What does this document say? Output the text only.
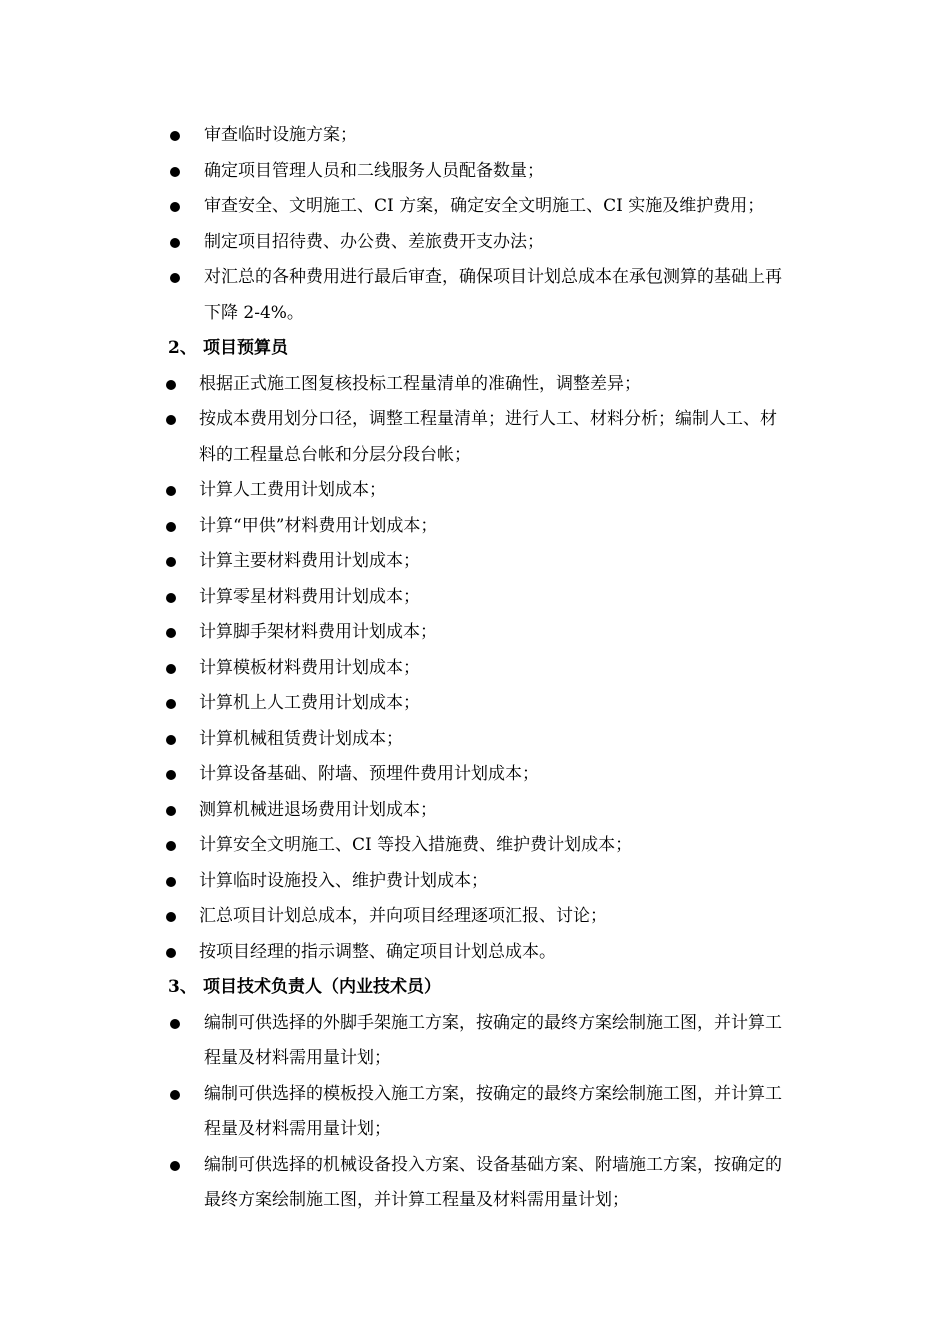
审查临时设施方案；
确定项目管理人员和二线服务人员配备数量；
审查安全、文明施工、CI 方案，确定安全文明施工、CI 实施及维护费用；
制定项目招待费、办公费、差旅费开支办法；
对汇总的各种费用进行最后审查，确保项目计划总成本在承包测算的基础上再
下降 2-4%。
2、 项目预算员
根据正式施工图复核投标工程量清单的准确性，调整差异；
按成本费用划分口径，调整工程量清单；进行人工、材料分析；编制人工、材
料的工程量总台帐和分层分段台帐；
计算人工费用计划成本；
计算“甲供”材料费用计划成本；
计算主要材料费用计划成本；
计算零星材料费用计划成本；
计算脚手架材料费用计划成本；
计算模板材料费用计划成本；
计算机上人工费用计划成本；
计算机械租赁费计划成本；
计算设备基础、附墙、预埋件费用计划成本；
测算机械进退场费用计划成本；
计算安全文明施工、CI 等投入措施费、维护费计划成本；
计算临时设施投入、维护费计划成本；
汇总项目计划总成本，并向项目经理逐项汇报、讨论；
按项目经理的指示调整、确定项目计划总成本。
3、 项目技术负责人（内业技术员）
编制可供选择的外脚手架施工方案，按确定的最终方案绘制施工图，并计算工
程量及材料需用量计划；
编制可供选择的模板投入施工方案，按确定的最终方案绘制施工图，并计算工
程量及材料需用量计划；
编制可供选择的机械设备投入方案、设备基础方案、附墙施工方案，按确定的
最终方案绘制施工图，并计算工程量及材料需用量计划；
